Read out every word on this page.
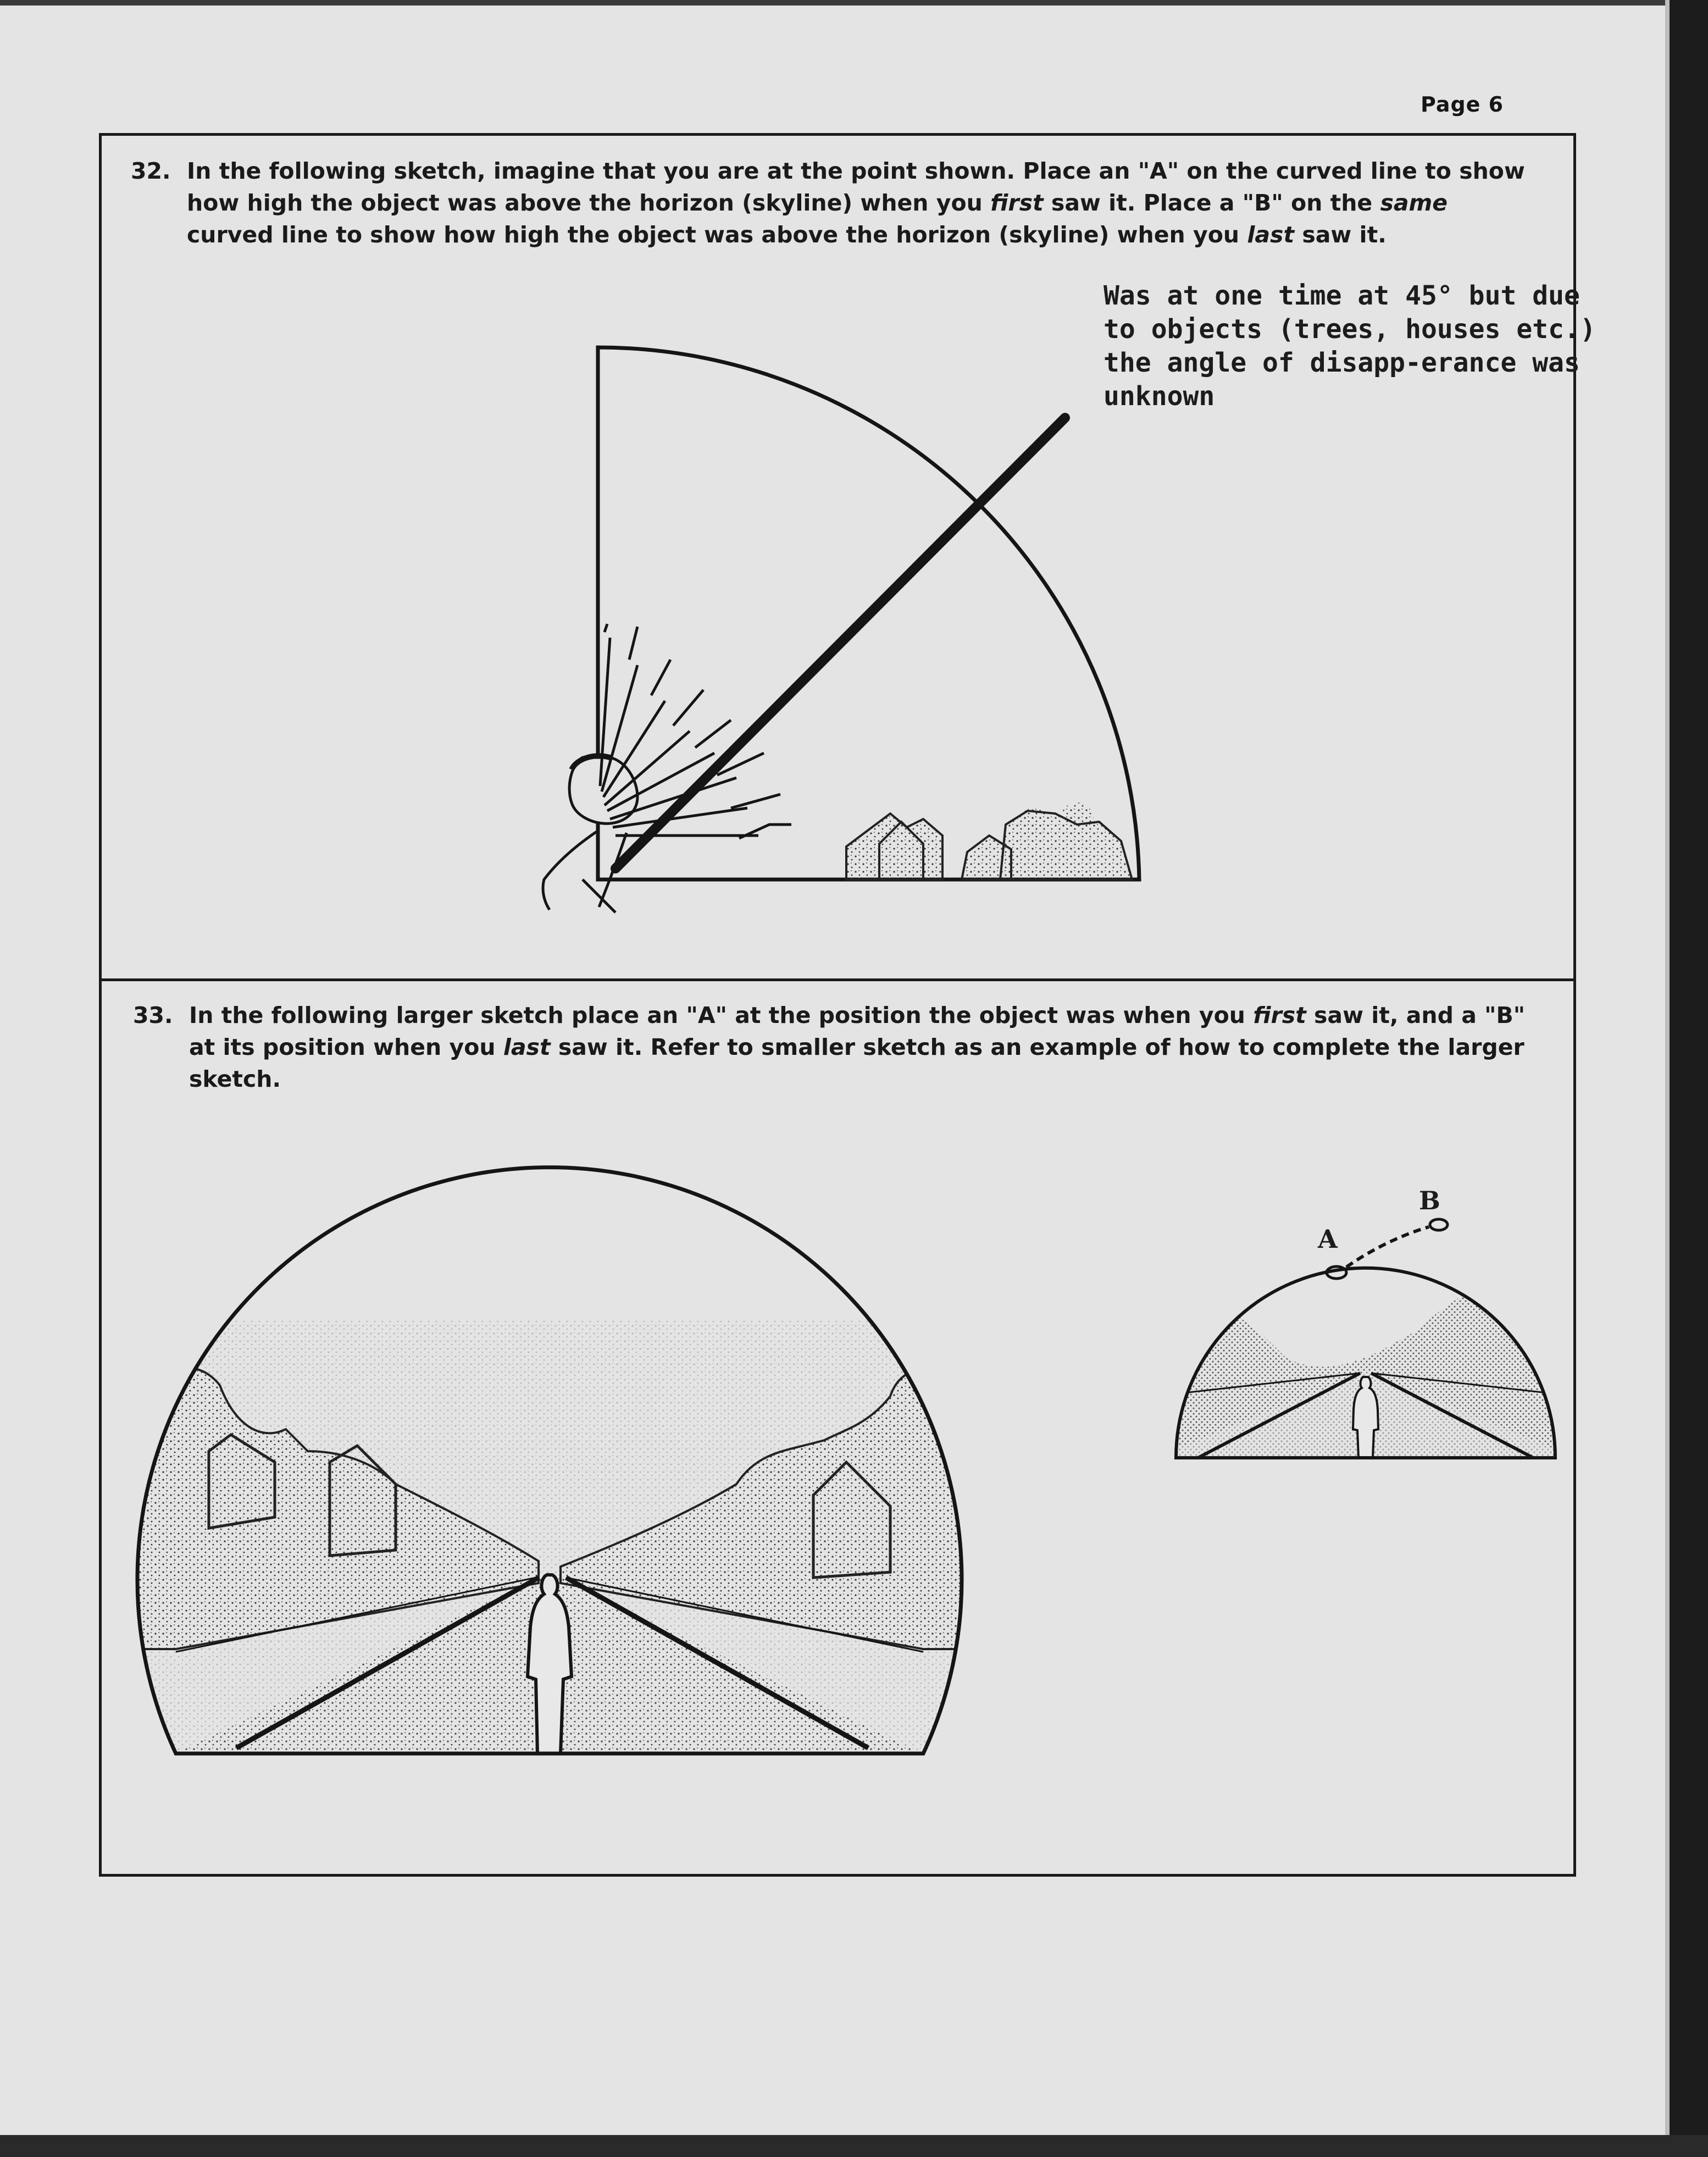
Page 6
32. In the following sketch, imagine that you are at the point shown. Place an "A" on the curved line to show how high the object was above the horizon (skyline) when you first saw it. Place a "B" on the same curved line to show how high the object was above the horizon (skyline) when you last saw it.
Was at one time at 45° but due to objects (trees, houses etc.) the angle of disapp-erance was unknown
33. In the following larger sketch place an "A" at the position the object was when you first saw it, and a "B" at its position when you last saw it. Refer to smaller sketch as an example of how to complete the larger sketch.
A
B
